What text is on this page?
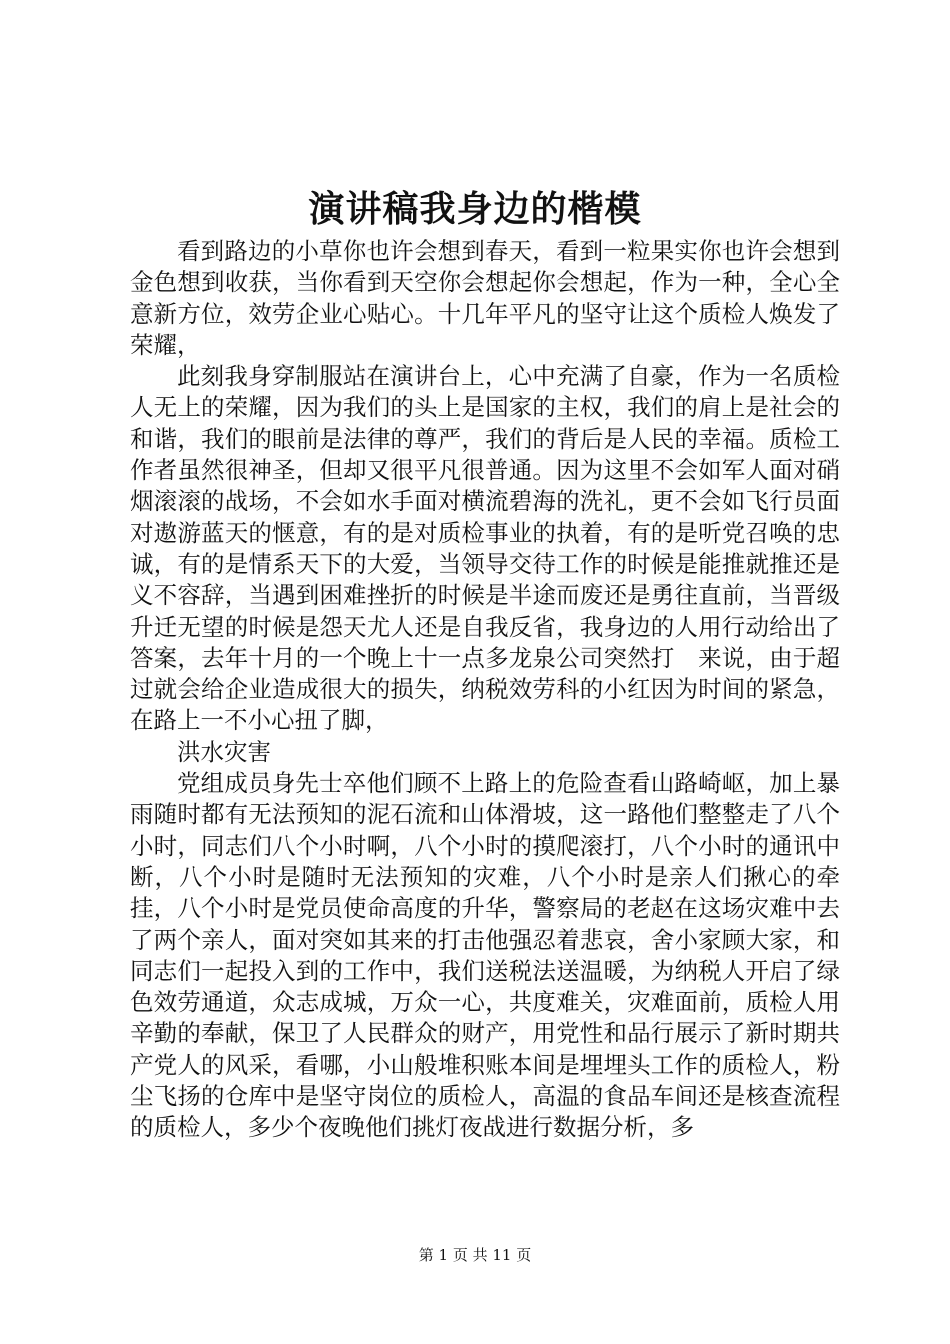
演讲稿我身边的楷模

看到路边的小草你也许会想到春天，看到一粒果实你也许会想到金色想到收获，当你看到天空你会想起你会想起，作为一种，全心全意新方位，效劳企业心贴心。十几年平凡的坚守让这个质检人焕发了荣耀，

此刻我身穿制服站在演讲台上，心中充满了自豪，作为一名质检人无上的荣耀，因为我们的头上是国家的主权，我们的肩上是社会的和谐，我们的眼前是法律的尊严，我们的背后是人民的幸福。质检工作者虽然很神圣，但却又很平凡很普通。因为这里不会如军人面对硝烟滚滚的战场，不会如水手面对横流碧海的洗礼，更不会如飞行员面对遨游蓝天的惬意，有的是对质检事业的执着，有的是听党召唤的忠诚，有的是情系天下的大爱，当领导交待工作的时候是能推就推还是义不容辞，当遇到困难挫折的时候是半途而废还是勇往直前，当晋级升迁无望的时候是怨天尤人还是自我反省，我身边的人用行动给出了答案，去年十月的一个晚上十一点多龙泉公司突然打　来说，由于超过就会给企业造成很大的损失，纳税效劳科的小红因为时间的紧急，在路上一不小心扭了脚，

洪水灾害

党组成员身先士卒他们顾不上路上的危险查看山路崎岖，加上暴雨随时都有无法预知的泥石流和山体滑坡，这一路他们整整走了八个小时，同志们八个小时啊，八个小时的摸爬滚打，八个小时的通讯中断，八个小时是随时无法预知的灾难，八个小时是亲人们揪心的牵挂，八个小时是党员使命高度的升华，警察局的老赵在这场灾难中去了两个亲人，面对突如其来的打击他强忍着悲哀，舍小家顾大家，和同志们一起投入到的工作中，我们送税法送温暖，为纳税人开启了绿色效劳通道，众志成城，万众一心，共度难关，灾难面前，质检人用辛勤的奉献，保卫了人民群众的财产，用党性和品行展示了新时期共产党人的风采，看哪，小山般堆积账本间是埋埋头工作的质检人，粉尘飞扬的仓库中是坚守岗位的质检人，高温的食品车间还是核查流程的质检人，多少个夜晚他们挑灯夜战进行数据分析，多

第 1 页 共 11 页
